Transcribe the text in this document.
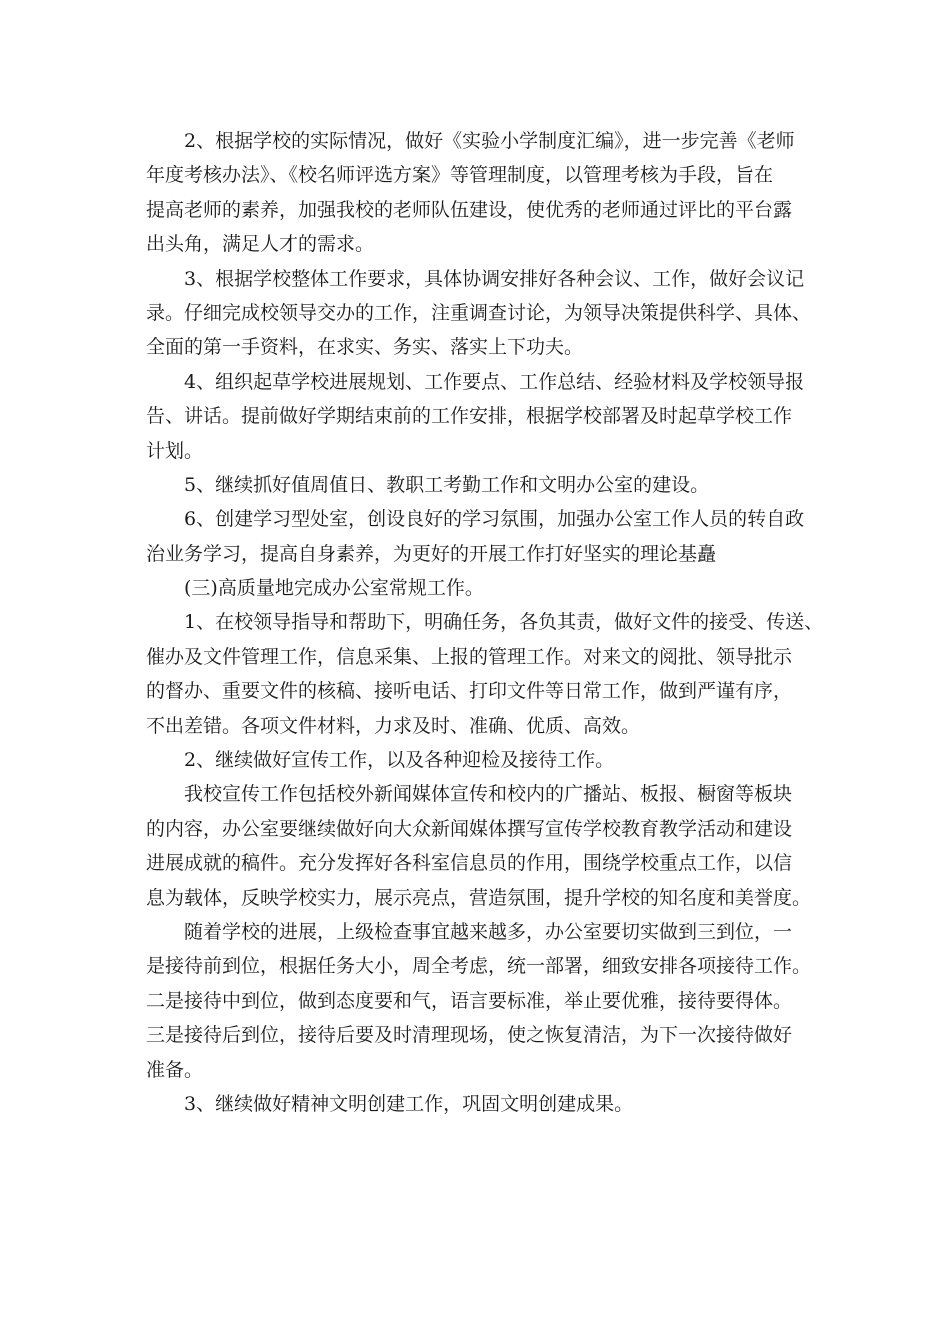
2、根据学校的实际情况，做好《实验小学制度汇编》，进一步完善《老师
年度考核办法》、《校名师评选方案》等管理制度，以管理考核为手段，旨在
提高老师的素养，加强我校的老师队伍建设，使优秀的老师通过评比的平台露
出头角，满足人才的需求。
3、根据学校整体工作要求，具体协调安排好各种会议、工作，做好会议记
录。仔细完成校领导交办的工作，注重调查讨论，为领导决策提供科学、具体、
全面的第一手资料，在求实、务实、落实上下功夫。
4、组织起草学校进展规划、工作要点、工作总结、经验材料及学校领导报
告、讲话。提前做好学期结束前的工作安排，根据学校部署及时起草学校工作
计划。
5、继续抓好值周值日、教职工考勤工作和文明办公室的建设。
6、创建学习型处室，创设良好的学习氛围，加强办公室工作人员的转自政
治业务学习，提高自身素养，为更好的开展工作打好坚实的理论基矗
(三)高质量地完成办公室常规工作。
1、在校领导指导和帮助下，明确任务，各负其责，做好文件的接受、传送、
催办及文件管理工作，信息采集、上报的管理工作。对来文的阅批、领导批示
的督办、重要文件的核稿、接听电话、打印文件等日常工作，做到严谨有序，
不出差错。各项文件材料，力求及时、准确、优质、高效。
2、继续做好宣传工作，以及各种迎检及接待工作。
我校宣传工作包括校外新闻媒体宣传和校内的广播站、板报、橱窗等板块
的内容，办公室要继续做好向大众新闻媒体撰写宣传学校教育教学活动和建设
进展成就的稿件。充分发挥好各科室信息员的作用，围绕学校重点工作，以信
息为载体，反映学校实力，展示亮点，营造氛围，提升学校的知名度和美誉度。
随着学校的进展，上级检查事宜越来越多，办公室要切实做到三到位，一
是接待前到位，根据任务大小，周全考虑，统一部署，细致安排各项接待工作。
二是接待中到位，做到态度要和气，语言要标准，举止要优雅，接待要得体。
三是接待后到位，接待后要及时清理现场，使之恢复清洁，为下一次接待做好
准备。
3、继续做好精神文明创建工作，巩固文明创建成果。
